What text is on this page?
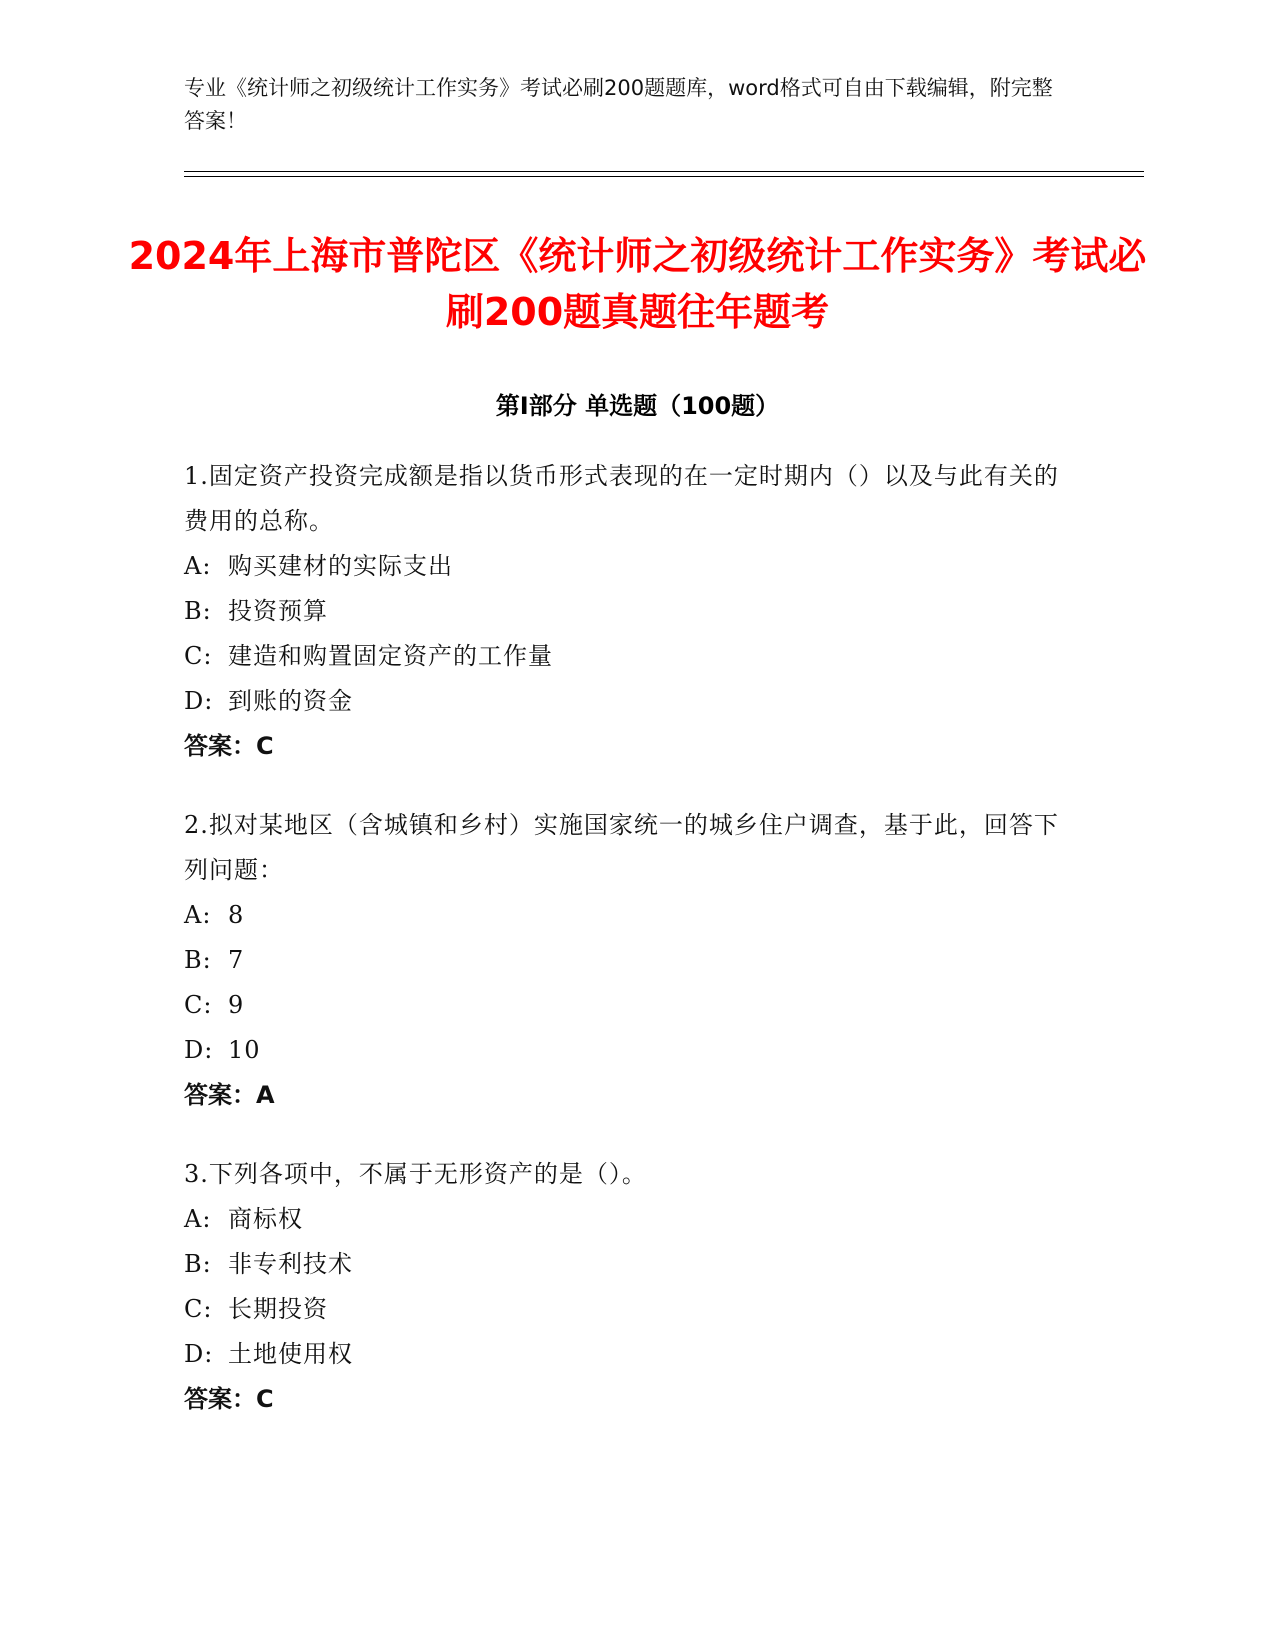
专业《统计师之初级统计工作实务》考试必刷200题题库，word格式可自由下载编辑，附完整答案！
2024年上海市普陀区《统计师之初级统计工作实务》考试必刷200题真题往年题考
第I部分 单选题（100题）
1.固定资产投资完成额是指以货币形式表现的在一定时期内（）以及与此有关的费用的总称。
A: 购买建材的实际支出
B: 投资预算
C: 建造和购置固定资产的工作量
D: 到账的资金
答案：C
2.拟对某地区（含城镇和乡村）实施国家统一的城乡住户调查，基于此，回答下列问题：
A: 8
B: 7
C: 9
D: 10
答案：A
3.下列各项中，不属于无形资产的是（）。
A: 商标权
B: 非专利技术
C: 长期投资
D: 土地使用权
答案：C
